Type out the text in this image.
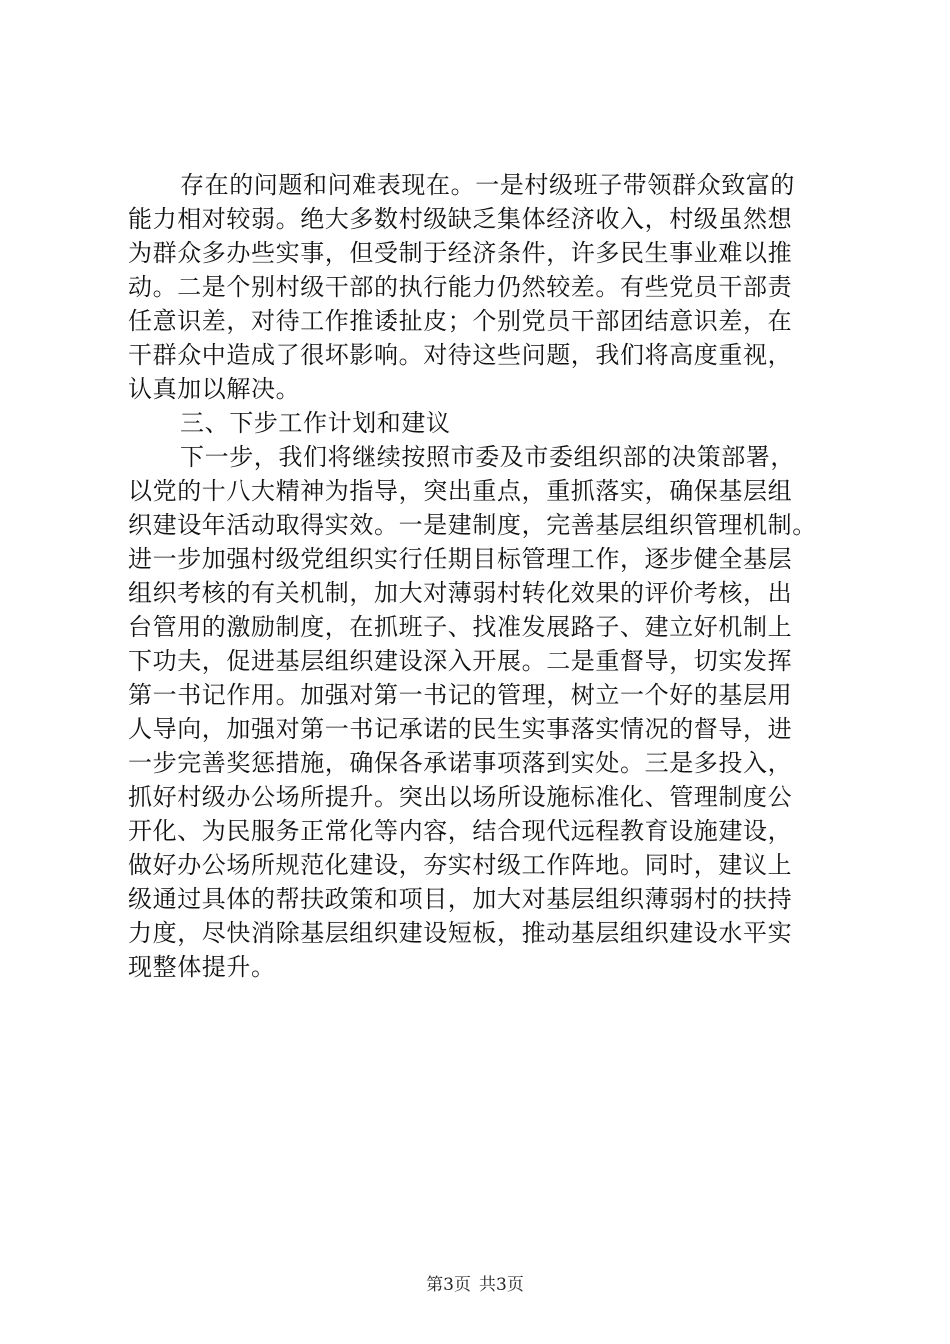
存在的问题和问难表现在。一是村级班子带领群众致富的
能力相对较弱。绝大多数村级缺乏集体经济收入，村级虽然想
为群众多办些实事，但受制于经济条件，许多民生事业难以推
动。二是个别村级干部的执行能力仍然较差。有些党员干部责
任意识差，对待工作推诿扯皮；个别党员干部团结意识差，在
干群众中造成了很坏影响。对待这些问题，我们将高度重视，
认真加以解决。
三、下步工作计划和建议
下一步，我们将继续按照市委及市委组织部的决策部署，
以党的十八大精神为指导，突出重点，重抓落实，确保基层组
织建设年活动取得实效。一是建制度，完善基层组织管理机制。
进一步加强村级党组织实行任期目标管理工作，逐步健全基层
组织考核的有关机制，加大对薄弱村转化效果的评价考核，出
台管用的激励制度，在抓班子、找准发展路子、建立好机制上
下功夫，促进基层组织建设深入开展。二是重督导，切实发挥
第一书记作用。加强对第一书记的管理，树立一个好的基层用
人导向，加强对第一书记承诺的民生实事落实情况的督导，进
一步完善奖惩措施，确保各承诺事项落到实处。三是多投入，
抓好村级办公场所提升。突出以场所设施标准化、管理制度公
开化、为民服务正常化等内容，结合现代远程教育设施建设，
做好办公场所规范化建设，夯实村级工作阵地。同时，建议上
级通过具体的帮扶政策和项目，加大对基层组织薄弱村的扶持
力度，尽快消除基层组织建设短板，推动基层组织建设水平实
现整体提升。
第3页 共3页
